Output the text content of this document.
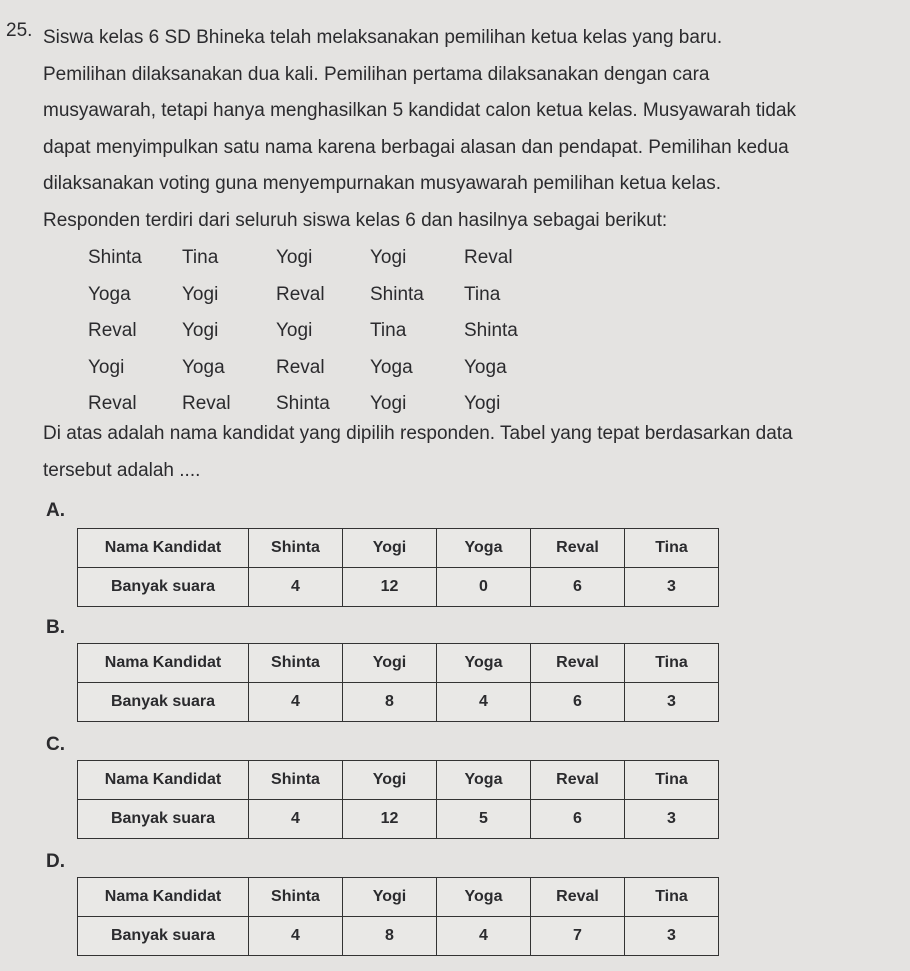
25. Siswa kelas 6 SD Bhineka telah melaksanakan pemilihan ketua kelas yang baru.

Pemilihan dilaksanakan dua kali. Pemilihan pertama dilaksanakan dengan cara

musyawarah, tetapi hanya menghasilkan 5 kandidat calon ketua kelas. Musyawarah tidak

dapat menyimpulkan satu nama karena berbagai alasan dan pendapat. Pemilihan kedua

dilaksanakan voting guna menyempurnakan musyawarah pemilihan ketua kelas.

Responden terdiri dari seluruh siswa kelas 6 dan hasilnya sebagai berikut:

Shinta Tina	Yogi	Yogi	Reval
Yoga	Yogi	Reval Shinta Tina
Reval Yogi	Yogi	Tina	Shinta
Yogi	Yoga	Reval Yoga	Yoga
Reval Reval Shinta Yogi	Yogi

Di atas adalah nama kandidat yang dipilih responden. Tabel yang tepat berdasarkan data

tersebut adalah ....

A.
Nama Kandidat	Shinta	Yogi	Yoga	Reval	Tina
Banyak suara	4	12	0	6	3
B.
Nama Kandidat	Shinta	Yogi	Yoga	Reval	Tina
Banyak suara	4	8	4	6	3
C.
Nama Kandidat	Shinta	Yogi	Yoga	Reval	Tina
Banyak suara	4	12	5	6	3
D.
Nama Kandidat	Shinta	Yogi	Yoga	Reval	Tina
Banyak suara	4	8	4	7	3
